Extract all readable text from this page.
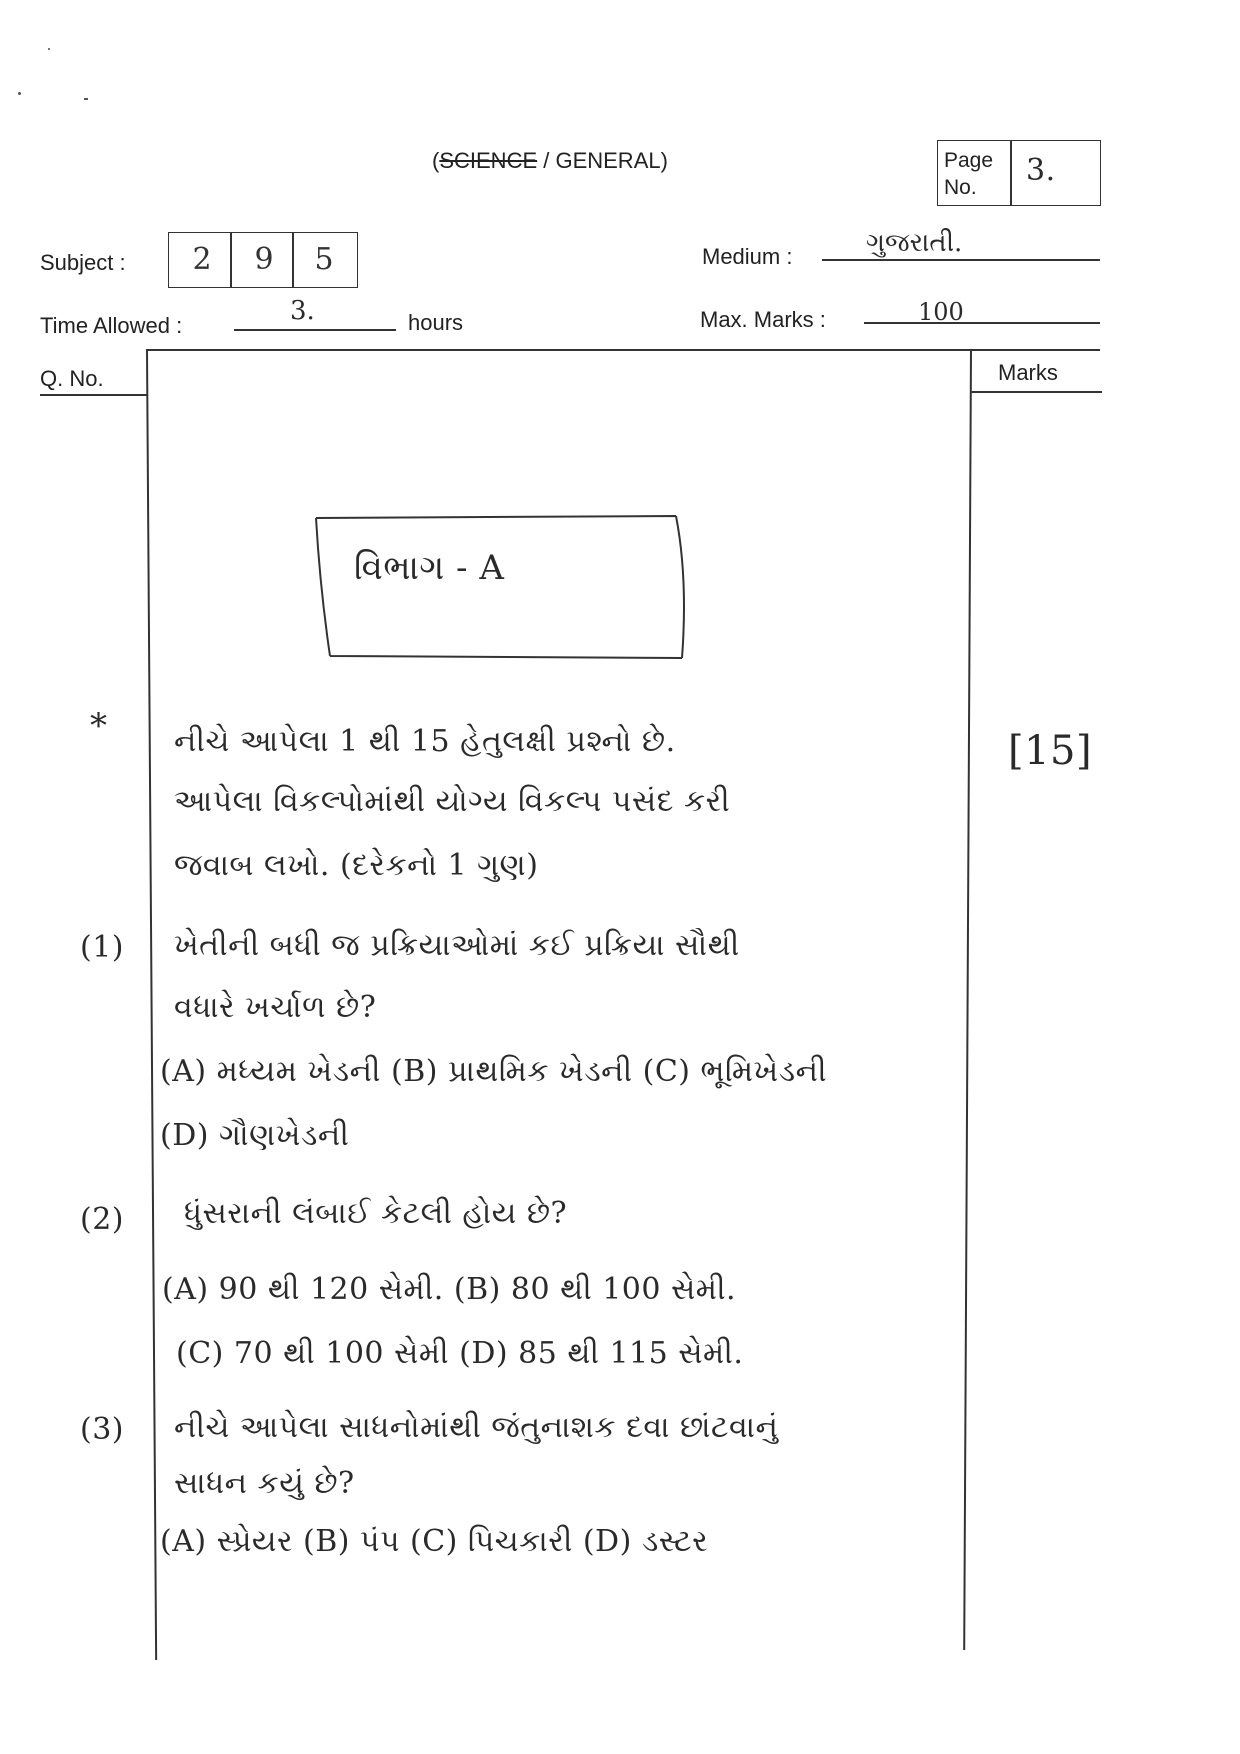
(SCIENCE / GENERAL)	Page
No.	3.
Subject : 2 9 5	Medium :	ગુજરાતી.
Time Allowed :	3.	hours	Max. Marks :	100
Q. No.	Marks
વિભાગ - A
* નીચે આપેલા 1 થી 15 હેતુલક્ષી પ્રશ્નો છે.
આપેલા વિકલ્પોમાંથી યોગ્ય વિકલ્પ પસંદ કરી
જવાબ લખો. (દરેકનો 1 ગુણ)
[15]
(1) ખેતીની બધી જ પ્રક્રિયાઓમાં કઈ પ્રક્રિયા સૌથી
વધારે ખર્ચાળ છે?
(A) મધ્યમ ખેડની (B) પ્રાથમિક ખેડની (C) ભૂમિખેડની
(D) ગૌણખેડની
(2) ધુંસરાની લંબાઈ કેટલી હોય છે?
(A) 90 થી 120 સેમી. (B) 80 થી 100 સેમી.
(C) 70 થી 100 સેમી (D) 85 થી 115 સેમી.
(3) નીચે આપેલા સાધનોમાંથી જંતુનાશક દવા છાંટવાનું
સાધન કયું છે?
(A) સ્પ્રેયર (B) પંપ (C) પિચકારી (D) ડસ્ટર
